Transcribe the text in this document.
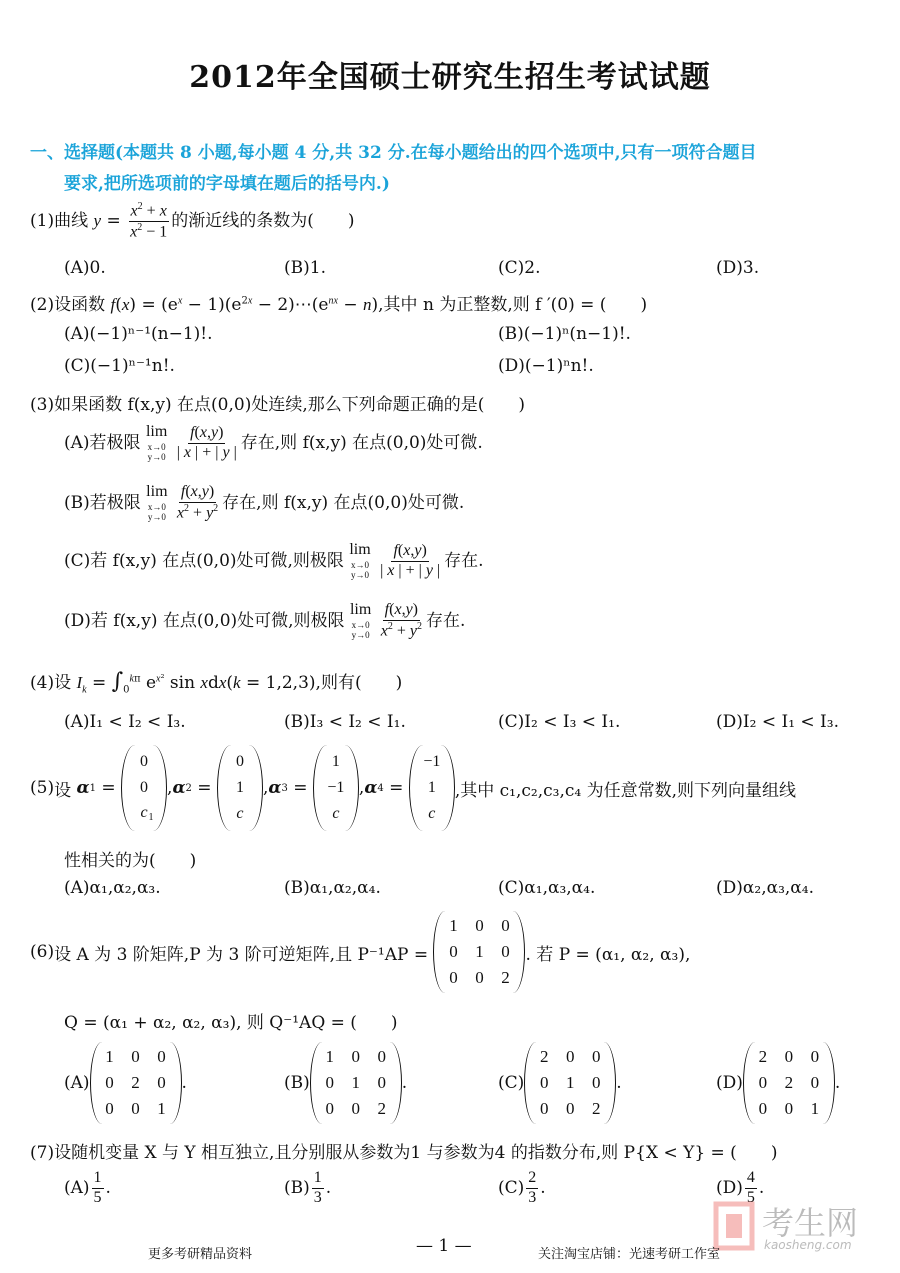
2012年全国硕士研究生招生考试试题
一、选择题(本题共 8 小题,每小题 4 分,共 32 分.在每小题给出的四个选项中,只有一项符合题目
要求,把所选项前的字母填在题后的括号内.)
(1)曲线 $y = \frac{x^2 + x}{x^2 - 1}$ 的渐近线的条数为(　　)
(A)0.	(B)1.	(C)2.	(D)3.
(2)设函数 $f(x) = (e^x - 1)(e^{2x}$ − $2)\cdots(e^{nx} - n)$,其中 n 为正整数,则 f ′(0) = (　　)
(A)(−1)ⁿ⁻¹(n−1)!.	(B)(−1)ⁿ(n−1)!.
(C)(−1)ⁿ⁻¹n!.	(D)(−1)ⁿn!.
(3)如果函数 f(x,y) 在点(0,0)处连续,那么下列命题正确的是(　　)
(A)若极限
lim
x→0
y→0
$\frac{f(x,y)}{| x | + | y |}$ 存在,则 f(x,y) 在点(0,0)处可微.
(B)若极限
lim
x→0
y→0
$\frac{f(x,y)}{x^2 + y^2}$ 存在,则 f(x,y) 在点(0,0)处可微.
(C)若 f(x,y) 在点(0,0)处可微,则极限
lim
x→0
y→0
$\frac{f(x,y)}{| x | + | y |}$ 存在.
(D)若 f(x,y) 在点(0,0)处可微,则极限
lim
x→0
y→0
$\frac{f(x,y)}{x^2 + y^2}$ 存在.
(4)设 $I_k = \int_0^{k\pi}$ $e^{x^2}$ sin xdx(k = 1,2,3),则有(　　)
(A)I₁ < I₂ < I₃.	(B)I₃ < I₂ < I₁.	(C)I₂ < I₃ < I₁.	(D)I₂ < I₁ < I₃.
(5) 设
α 1 =
0
0
$c_1$
, α 2 =
0
1
c
, α 3 =
1
−1
c
, α 4 =
−1
1
c
,其中 c₁,c₂,c₃,c₄ 为任意常数,则下列向量组线
性相关的为(　　)
(A)α₁,α₂,α₃.	(B)α₁,α₂,α₄.	(C)α₁,α₃,α₄.	(D)α₂,α₃,α₄.
(6) 设 A 为 3 阶矩阵,P 为 3 阶可逆矩阵,且 P⁻¹AP =

1 0 0
0 1 0
0 0 2
. 若 P = (α₁, α₂, α₃),
Q = (α₁ + α₂, α₂, α₃), 则 Q⁻¹AQ = (　　)
(A)
1 0 0
0 2 0
0 0 1
.	(B)
1 0 0
0 1 0
0 0 2
.	(C)
2 0 0
0 1 0
0 0 2
.	(D)
2 0 0
0 2 0
0 0 1
.
(7)设随机变量 X 与 Y 相互独立,且分别服从参数为1 与参数为4 的指数分布,则 P{X < Y} = (　　)
$(A) \frac{1}{5}$ .	$(B) \frac{1}{3}$ .	$(C) \frac{2}{3}$ .	$(D) \frac{4}{5}$ .
考生网
kaosheng.com
— 1 —
更多考研精品资料	关注淘宝店铺：光速考研工作室
